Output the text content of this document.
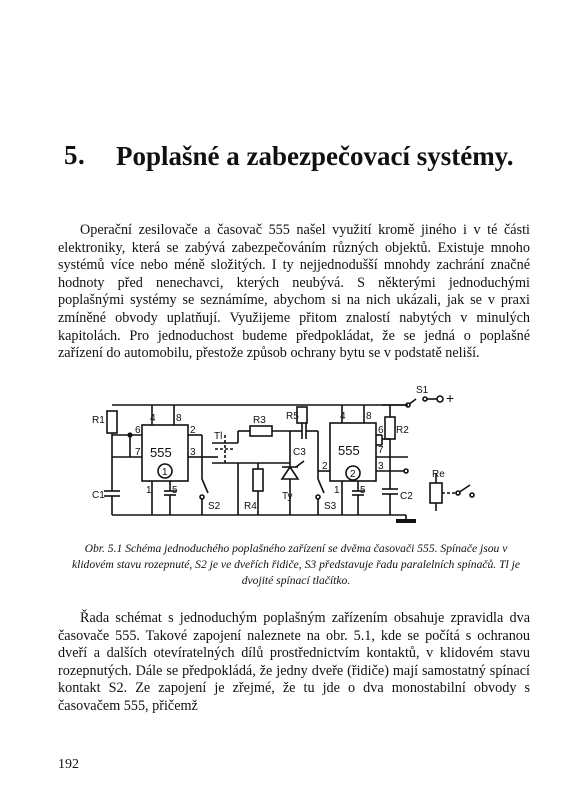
5. Poplašné a zabezpečovací systémy.

Operační zesilovače a časovač 555 našel využití kromě jiného i v té části elektroniky, která se zabývá zabezpečováním různých objektů. Existuje mnoho systémů více nebo méně složitých. I ty nejjednodušší mnohdy zachrání značné hodnoty před nenechavci, kterých neubývá. S některými jednoduchými poplašnými systémy se seznámíme, abychom si na nich ukázali, jak se v praxi zmíněné obvody uplatňují. Využijeme přitom znalostí nabytých v minulých kapitolách. Pro jednoduchost budeme předpokládat, že se jedná o poplašné zařízení do automobilu, přestože způsob ochrany bytu se v podstatě neliší.

R1
C1
4 8
6
7
2
3
1 5
555
1
S2
Tl
R3
R4
R5
C3
Ty
S3
4 8
6
7
2	3
1 5
555
2
R2
C2
S1 +
Re

Obr. 5.1 Schéma jednoduchého poplašného zařízení se dvěma časovači 555. Spínače jsou v klidovém stavu rozepnuté, S2 je ve dveřích řidiče, S3 představuje řadu paralelních spínačů. Tl je dvojité spínací tlačítko.

Řada schémat s jednoduchým poplašným zařízením obsahuje zpravidla dva časovače 555. Takové zapojení naleznete na obr. 5.1, kde se počítá s ochranou dveří a dalších otevíratelných dílů prostřednictvím kontaktů, v klidovém stavu rozepnutých. Dále se předpokládá, že jedny dveře (řidiče) mají samostatný spínací kontakt S2. Ze zapojení je zřejmé, že tu jde o dva monostabilní obvody s časovačem 555, přičemž

192
